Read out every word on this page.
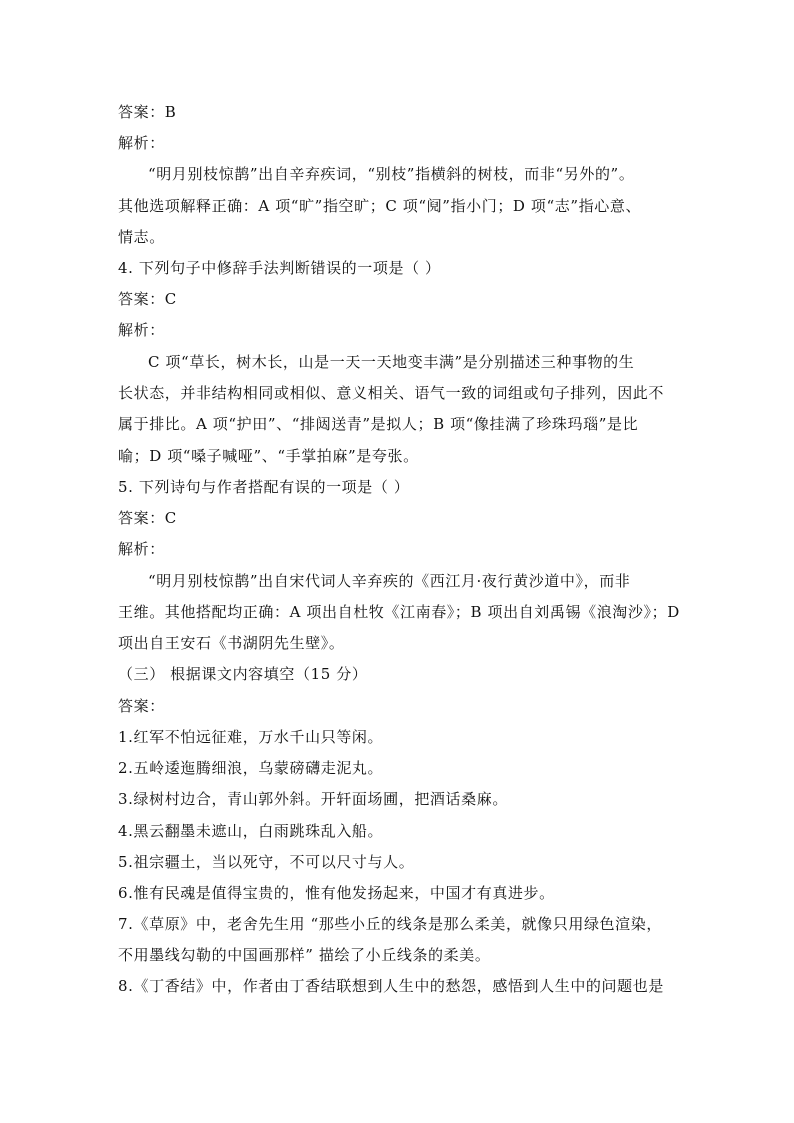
答案：B
解析：
“明月别枝惊鹊”出自辛弃疾词，“别枝”指横斜的树枝，而非“另外的”。
其他选项解释正确：A 项“旷”指空旷；C 项“阋”指小门；D 项“志”指心意、
情志。
4. 下列句子中修辞手法判断错误的一项是（ ）
答案：C
解析：
C 项“草长，树木长，山是一天一天地变丰满”是分别描述三种事物的生
长状态，并非结构相同或相似、意义相关、语气一致的词组或句子排列，因此不
属于排比。A 项“护田”、“排闼送青”是拟人；B 项“像挂满了珍珠玛瑙”是比
喻；D 项“嗓子喊哑”、“手掌拍麻”是夸张。
5. 下列诗句与作者搭配有误的一项是（ ）
答案：C
解析：
“明月别枝惊鹊”出自宋代词人辛弃疾的《西江月·夜行黄沙道中》，而非
王维。其他搭配均正确：A 项出自杜牧《江南春》；B 项出自刘禹锡《浪淘沙》；D
项出自王安石《书湖阴先生壁》。
（三） 根据课文内容填空（15 分）
答案：
1.红军不怕远征难，万水千山只等闲。
2.五岭逶迤腾细浪，乌蒙磅礴走泥丸。
3.绿树村边合，青山郭外斜。开轩面场圃，把酒话桑麻。
4.黑云翻墨未遮山，白雨跳珠乱入船。
5.祖宗疆土，当以死守，不可以尺寸与人。
6.惟有民魂是值得宝贵的，惟有他发扬起来，中国才有真进步。
7.《草原》中，老舍先生用 “那些小丘的线条是那么柔美，就像只用绿色渲染，
不用墨线勾勒的中国画那样” 描绘了小丘线条的柔美。
8.《丁香结》中，作者由丁香结联想到人生中的愁怨，感悟到人生中的问题也是
